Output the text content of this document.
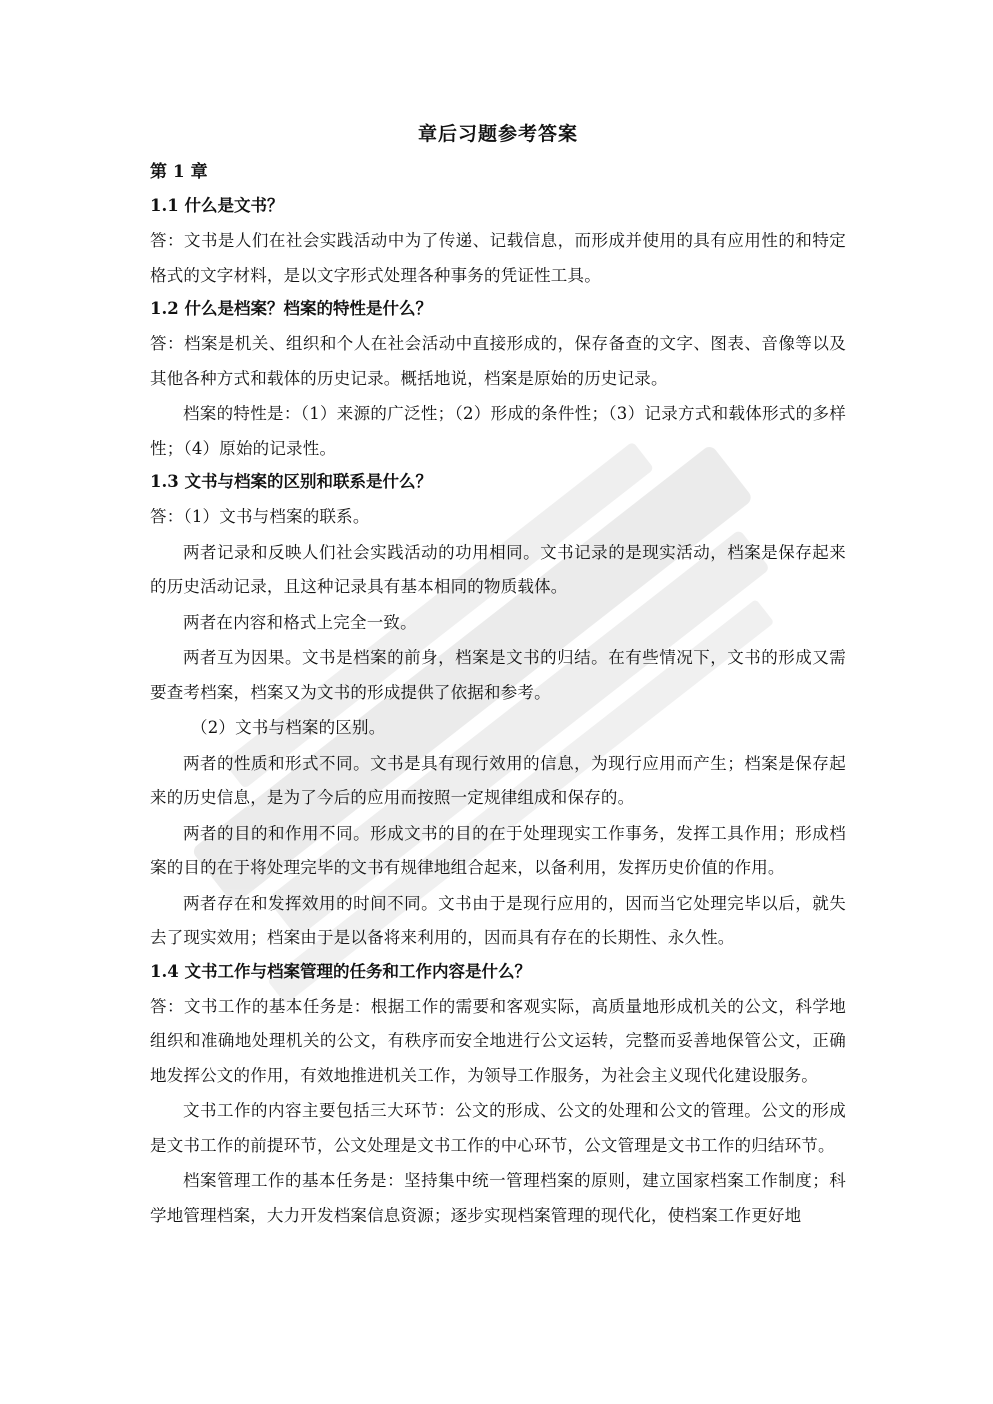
章后习题参考答案
第 1 章
1.1 什么是文书？
答：文书是人们在社会实践活动中为了传递、记载信息，而形成并使用的具有应用性的和特定格式的文字材料，是以文字形式处理各种事务的凭证性工具。
1.2 什么是档案？档案的特性是什么？
答：档案是机关、组织和个人在社会活动中直接形成的，保存备查的文字、图表、音像等以及其他各种方式和载体的历史记录。概括地说，档案是原始的历史记录。
档案的特性是：（1）来源的广泛性；（2）形成的条件性；（3）记录方式和载体形式的多样性；（4）原始的记录性。
1.3 文书与档案的区别和联系是什么？
答：（1）文书与档案的联系。
两者记录和反映人们社会实践活动的功用相同。文书记录的是现实活动，档案是保存起来的历史活动记录，且这种记录具有基本相同的物质载体。
两者在内容和格式上完全一致。
两者互为因果。文书是档案的前身，档案是文书的归结。在有些情况下，文书的形成又需要查考档案，档案又为文书的形成提供了依据和参考。
（2）文书与档案的区别。
两者的性质和形式不同。文书是具有现行效用的信息，为现行应用而产生；档案是保存起来的历史信息，是为了今后的应用而按照一定规律组成和保存的。
两者的目的和作用不同。形成文书的目的在于处理现实工作事务，发挥工具作用；形成档案的目的在于将处理完毕的文书有规律地组合起来，以备利用，发挥历史价值的作用。
两者存在和发挥效用的时间不同。文书由于是现行应用的，因而当它处理完毕以后，就失去了现实效用；档案由于是以备将来利用的，因而具有存在的长期性、永久性。
1.4 文书工作与档案管理的任务和工作内容是什么？
答：文书工作的基本任务是：根据工作的需要和客观实际，高质量地形成机关的公文，科学地组织和准确地处理机关的公文，有秩序而安全地进行公文运转，完整而妥善地保管公文，正确地发挥公文的作用，有效地推进机关工作，为领导工作服务，为社会主义现代化建设服务。
文书工作的内容主要包括三大环节：公文的形成、公文的处理和公文的管理。公文的形成是文书工作的前提环节，公文处理是文书工作的中心环节，公文管理是文书工作的归结环节。
档案管理工作的基本任务是：坚持集中统一管理档案的原则，建立国家档案工作制度；科学地管理档案，大力开发档案信息资源；逐步实现档案管理的现代化，使档案工作更好地
